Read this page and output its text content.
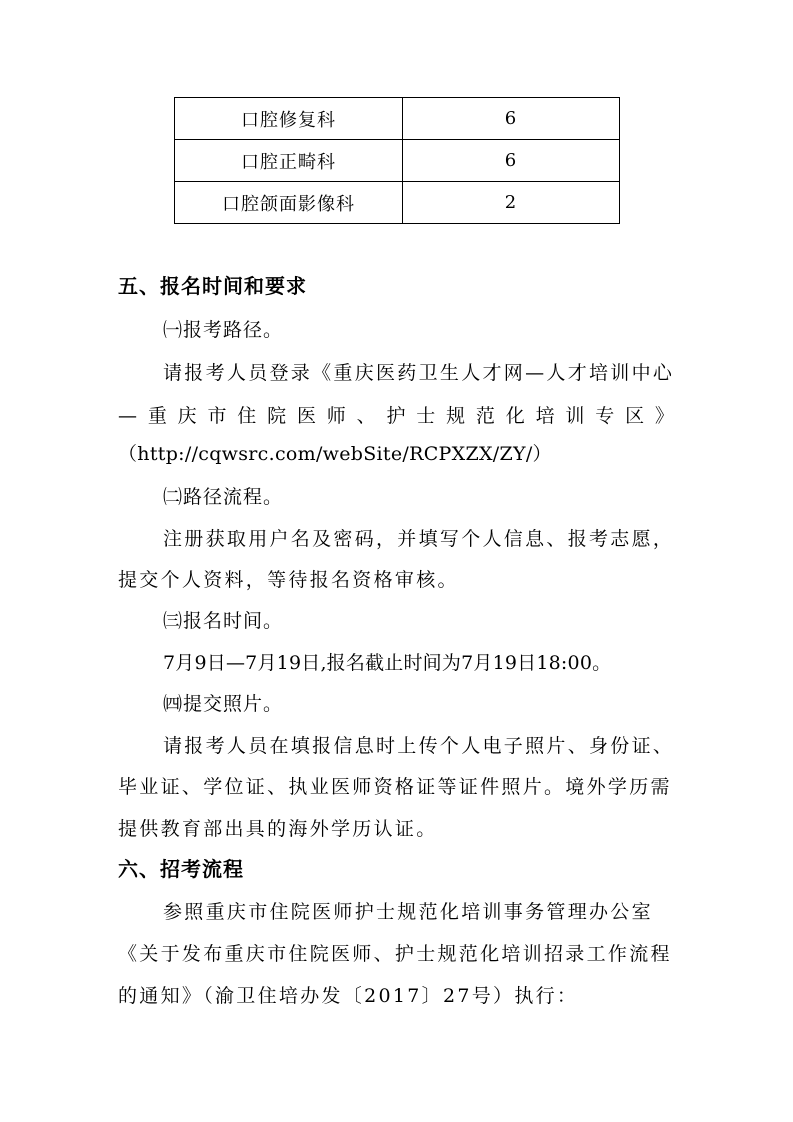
口腔修复科	6
口腔正畸科	6
口腔颌面影像科	2
五、报名时间和要求
㈠报考路径。
请报考人员登录《重庆医药卫生人才网—人才培训中心
— 重 庆 市 住 院 医 师 、 护 士 规 范 化 培 训 专 区 》
（http://cqwsrc.com/webSite/RCPXZX/ZY/）
㈡路径流程。
注册获取用户名及密码，并填写个人信息、报考志愿，
提交个人资料，等待报名资格审核。
㈢报名时间。
7月9日—7月19日,报名截止时间为7月19日18:00。
㈣提交照片。
请报考人员在填报信息时上传个人电子照片、身份证、
毕业证、学位证、执业医师资格证等证件照片。境外学历需
提供教育部出具的海外学历认证。
六、招考流程
参照重庆市住院医师护士规范化培训事务管理办公室
《关于发布重庆市住院医师、护士规范化培训招录工作流程
的通知》（渝卫住培办发〔2017〕27号）执行：
